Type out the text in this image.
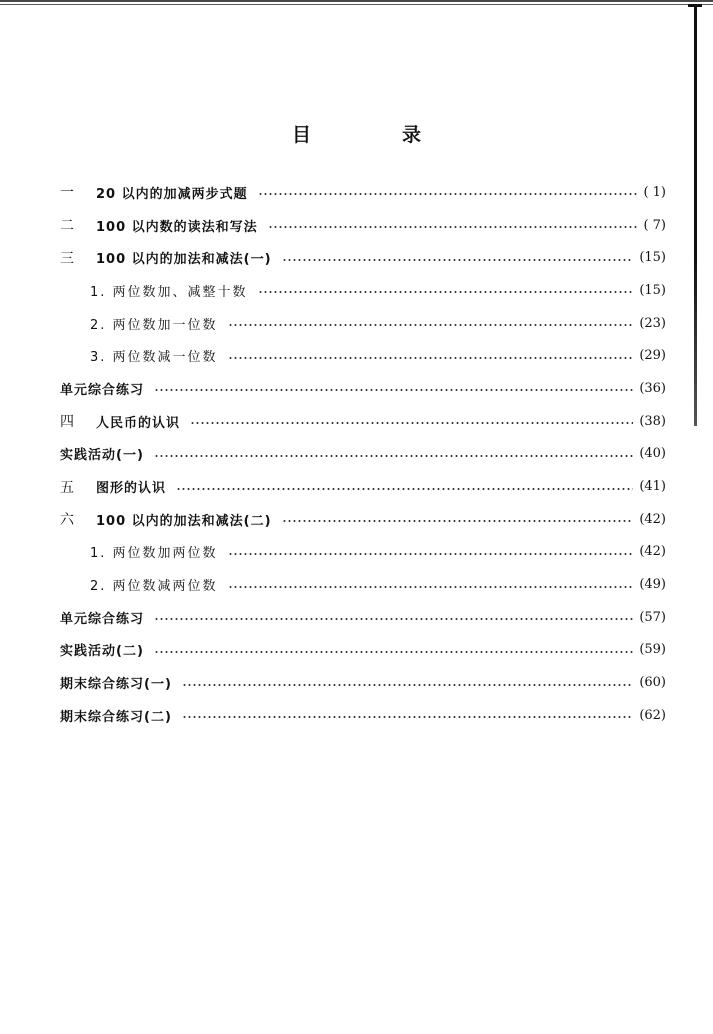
目　录
一	20 以内的加减两步式题	( 1)
二	100 以内数的读法和写法	( 7)
三	100 以内的加法和减法(一)	(15)
1. 两位数加、减整十数	(15)
2. 两位数加一位数	(23)
3. 两位数减一位数	(29)
单元综合练习	(36)
四	人民币的认识	(38)
实践活动(一)	(40)
五	图形的认识	(41)
六	100 以内的加法和减法(二)	(42)
1. 两位数加两位数	(42)
2. 两位数减两位数	(49)
单元综合练习	(57)
实践活动(二)	(59)
期末综合练习(一)	(60)
期末综合练习(二)	(62)
